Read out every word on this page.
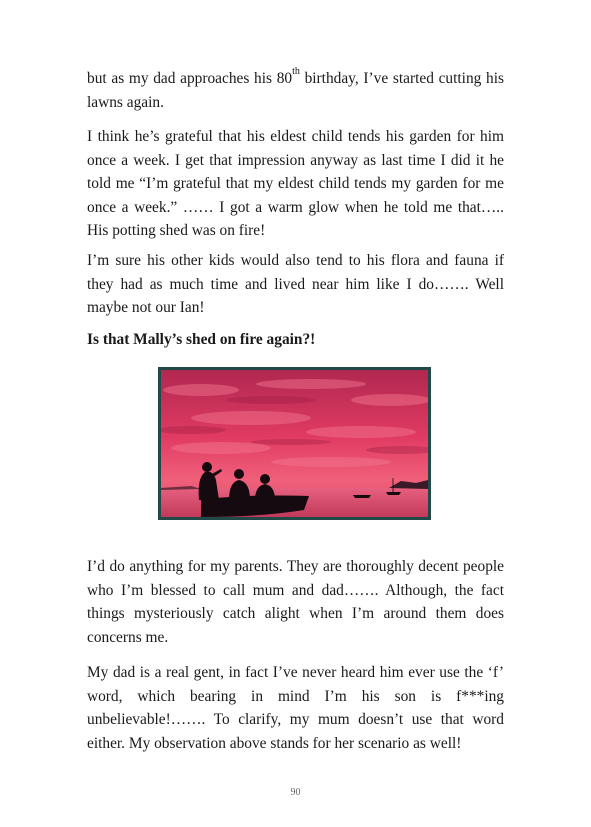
but as my dad approaches his 80th birthday, I’ve started cutting his lawns again.

I think he’s grateful that his eldest child tends his garden for him once a week. I get that impression anyway as last time I did it he told me “I’m grateful that my eldest child tends my garden for me once a week.” …… I got a warm glow when he told me that….. His potting shed was on fire!

I’m sure his other kids would also tend to his flora and fauna if they had as much time and lived near him like I do……. Well maybe not our Ian!

Is that Mally’s shed on fire again?!

I’d do anything for my parents. They are thoroughly decent people who I’m blessed to call mum and dad……. Although, the fact things mysteriously catch alight when I’m around them does concerns me.

My dad is a real gent, in fact I’ve never heard him ever use the ‘f’ word, which bearing in mind I’m his son is f***ing unbelievable!……. To clarify, my mum doesn’t use that word either. My observation above stands for her scenario as well!

90
